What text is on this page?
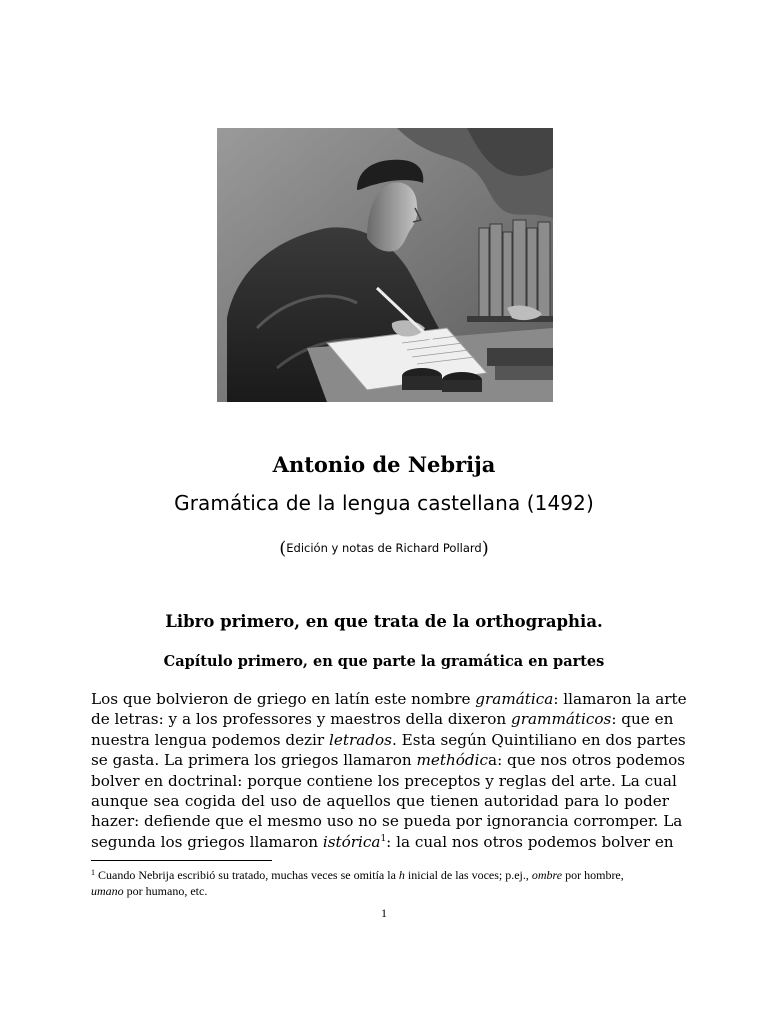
Antonio de Nebrija
Gramática de la lengua castellana (1492)
(Edición y notas de Richard Pollard)
Libro primero, en que trata de la orthographia.
Capítulo primero, en que parte la gramática en partes
Los que bolvieron de griego en latín este nombre gramática: llamaron la arte
de letras: y a los professores y maestros della dixeron grammáticos: que en
nuestra lengua podemos dezir letrados. Esta según Quintiliano en dos partes
se gasta. La primera los griegos llamaron methódica: que nos otros podemos
bolver en doctrinal: porque contiene los preceptos y reglas del arte. La cual
aunque sea cogida del uso de aquellos que tienen autoridad para lo poder
hazer: defiende que el mesmo uso no se pueda por ignorancia corromper. La
segunda los griegos llamaron istórica$^1$: la cual nos otros podemos bolver en
$^1$ Cuando Nebrija escribió su tratado, muchas veces se omitía la h inicial de las voces; p.ej., ombre por hombre,
umano por humano, etc.
1
